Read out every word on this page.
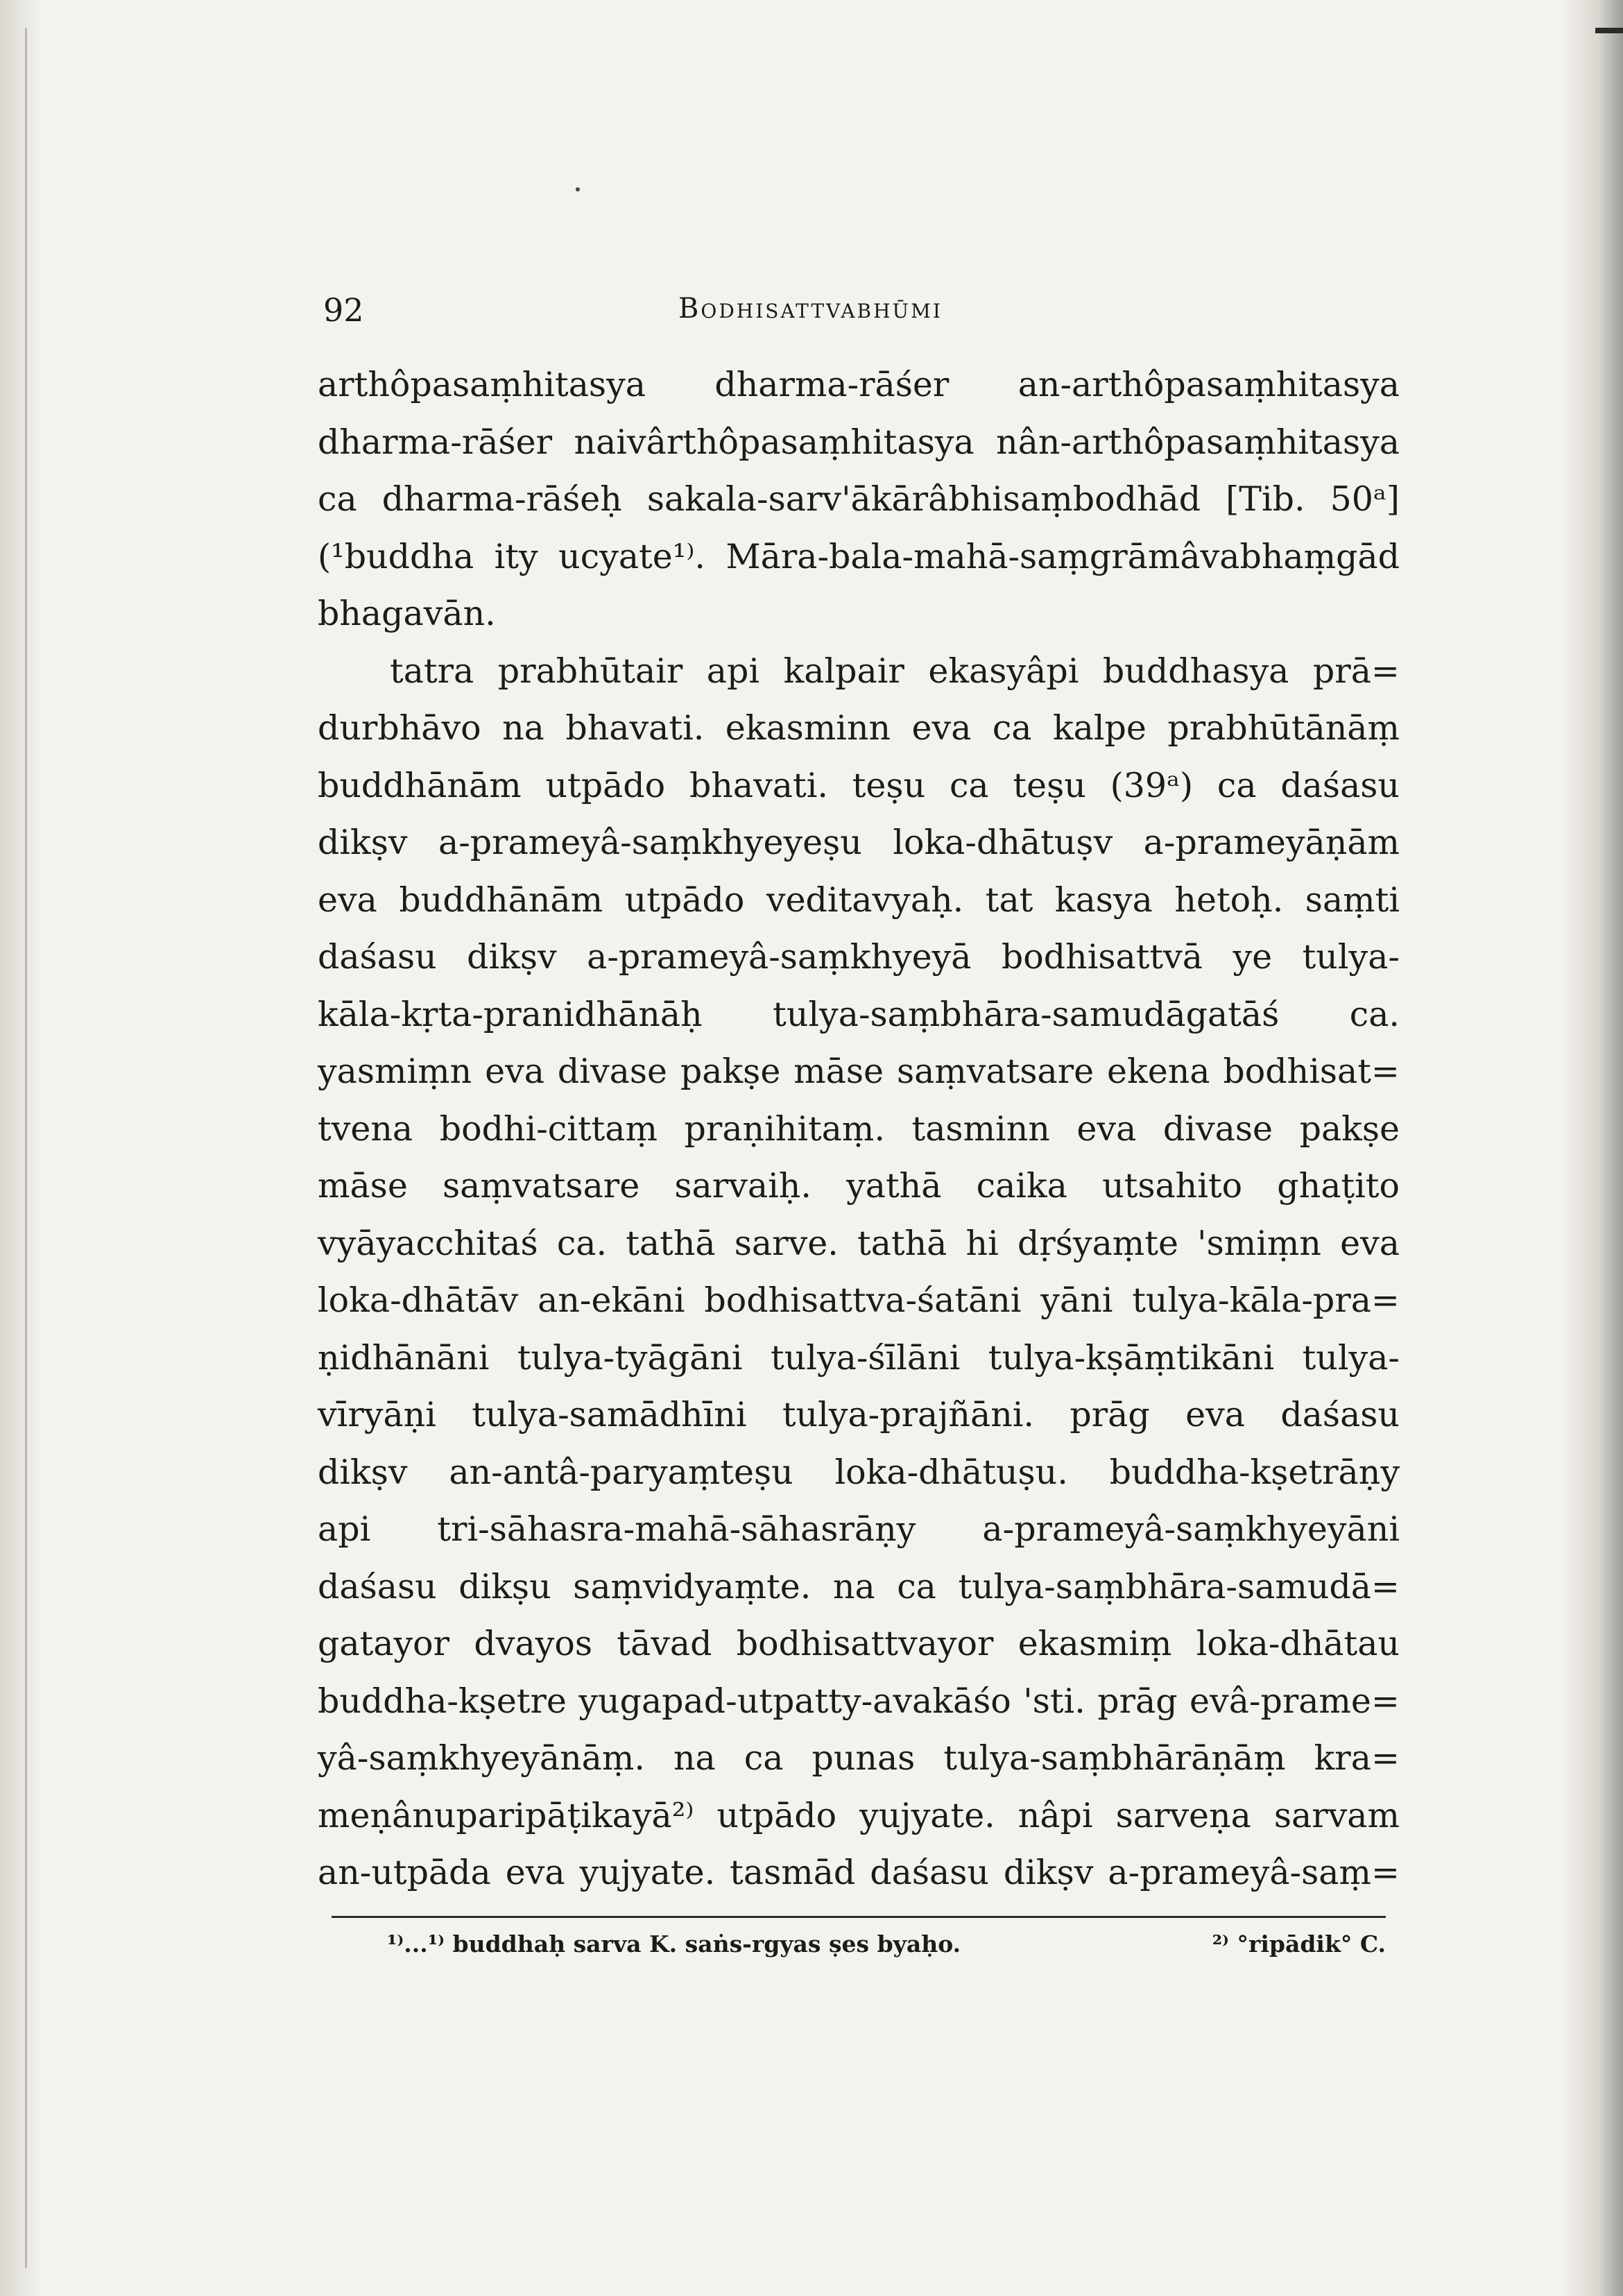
92	Bodhisattvabhūmi

arthôpasaṃhitasya dharma-rāśer an-arthôpasaṃhitasya
dharma-rāśer naivârthôpasaṃhitasya nân-arthôpasaṃhitasya
ca dharma-rāśeḥ sakala-sarv'ākārâbhisaṃbodhād [Tib. 50ᵃ]
(¹buddha ity ucyate¹⁾. Māra-bala-mahā-saṃgrāmâvabhaṃgād
bhagavān.

tatra prabhūtair api kalpair ekasyâpi buddhasya prā=
durbhāvo na bhavati. ekasminn eva ca kalpe prabhūtānāṃ
buddhānām utpādo bhavati. teṣu ca teṣu (39ᵃ) ca daśasu
dikṣv a-prameyâ-saṃkhyeyeṣu loka-dhātuṣv a-prameyāṇām
eva buddhānām utpādo veditavyaḥ. tat kasya hetoḥ. saṃti
daśasu dikṣv a-prameyâ-saṃkhyeyā bodhisattvā ye tulya-
kāla-kṛta-pranidhānāḥ tulya-saṃbhāra-samudāgatāś ca.
yasmiṃn eva divase pakṣe māse saṃvatsare ekena bodhisat=
tvena bodhi-cittaṃ praṇihitaṃ. tasminn eva divase pakṣe
māse saṃvatsare sarvaiḥ. yathā caika utsahito ghaṭito
vyāyacchitaś ca. tathā sarve. tathā hi dṛśyaṃte 'smiṃn eva
loka-dhātāv an-ekāni bodhisattva-śatāni yāni tulya-kāla-pra=
ṇidhānāni tulya-tyāgāni tulya-śīlāni tulya-kṣāṃtikāni tulya-
vīryāṇi tulya-samādhīni tulya-prajñāni. prāg eva daśasu
dikṣv an-antâ-paryaṃteṣu loka-dhātuṣu. buddha-kṣetrāṇy
api tri-sāhasra-mahā-sāhasrāṇy a-prameyâ-saṃkhyeyāni
daśasu dikṣu saṃvidyaṃte. na ca tulya-saṃbhāra-samudā=
gatayor dvayos tāvad bodhisattvayor ekasmiṃ loka-dhātau
buddha-kṣetre yugapad-utpatty-avakāśo 'sti. prāg evâ-prame=
yâ-saṃkhyeyānāṃ. na ca punas tulya-saṃbhārāṇāṃ kra=
meṇânuparipāṭikayā²⁾ utpādo yujyate. nâpi sarveṇa sarvam
an-utpāda eva yujyate. tasmād daśasu dikṣv a-prameyâ-saṃ=

¹⁾...¹⁾ buddhaḥ sarva K. saṅs-rgyas ṣes byaḥo.	²⁾ °ripādik° C.
